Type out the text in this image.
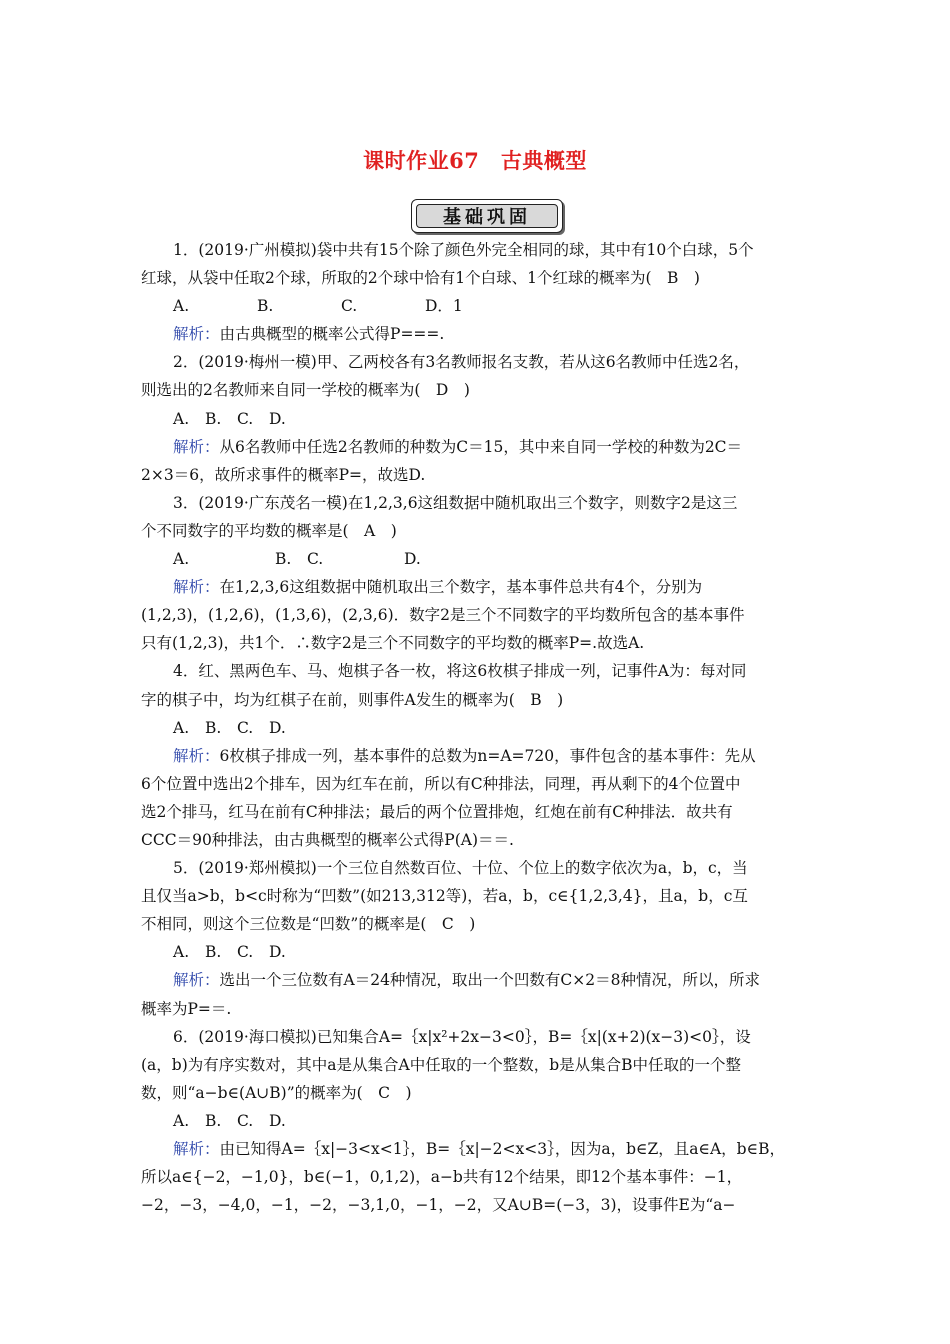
课时作业67　古典概型
基础巩固
1．(2019·广州模拟)袋中共有15个除了颜色外完全相同的球，其中有10个白球，5个
红球，从袋中任取2个球，所取的2个球中恰有1个白球、1个红球的概率为(　B　)
A.	B.	C.	D．1
解析：由古典概型的概率公式得P===.
2．(2019·梅州一模)甲、乙两校各有3名教师报名支教，若从这6名教师中任选2名，
则选出的2名教师来自同一学校的概率为(　D　)
A.	B.	C.	D.
解析：从6名教师中任选2名教师的种数为C＝15，其中来自同一学校的种数为2C＝
2×3＝6，故所求事件的概率P=，故选D.
3．(2019·广东茂名一模)在1,2,3,6这组数据中随机取出三个数字，则数字2是这三
个不同数字的平均数的概率是(　A　)
A.	B.	C.	D.
解析：在1,2,3,6这组数据中随机取出三个数字，基本事件总共有4个，分别为
(1,2,3)，(1,2,6)，(1,3,6)，(2,3,6)．数字2是三个不同数字的平均数所包含的基本事件
只有(1,2,3)，共1个．∴数字2是三个不同数字的平均数的概率P=.故选A.
4．红、黑两色车、马、炮棋子各一枚，将这6枚棋子排成一列，记事件A为：每对同
字的棋子中，均为红棋子在前，则事件A发生的概率为(　B　)
A.	B.	C.	D.
解析：6枚棋子排成一列，基本事件的总数为n=A=720，事件包含的基本事件：先从
6个位置中选出2个排车，因为红车在前，所以有C种排法，同理，再从剩下的4个位置中
选2个排马，红马在前有C种排法；最后的两个位置排炮，红炮在前有C种排法．故共有
CCC＝90种排法，由古典概型的概率公式得P(A)＝＝.
5．(2019·郑州模拟)一个三位自然数百位、十位、个位上的数字依次为a，b，c，当
且仅当a>b，b<c时称为“凹数”(如213,312等)，若a，b，c∈{1,2,3,4}，且a，b，c互
不相同，则这个三位数是“凹数”的概率是(　C　)
A.	B.	C.	D.
解析：选出一个三位数有A＝24种情况，取出一个凹数有C×2＝8种情况，所以，所求
概率为P=＝.
6．(2019·海口模拟)已知集合A=｛x|x²+2x−3<0｝，B=｛x|(x+2)(x−3)<0｝，设
(a，b)为有序实数对，其中a是从集合A中任取的一个整数，b是从集合B中任取的一个整
数，则“a−b∈(A∪B)”的概率为(　C　)
A.	B.	C.	D.
解析：由已知得A=｛x|−3<x<1｝，B=｛x|−2<x<3｝，因为a，b∈Z，且a∈A，b∈B，
所以a∈{−2，−1,0}，b∈(−1，0,1,2)，a−b共有12个结果，即12个基本事件：−1，
−2，−3，−4,0，−1，−2，−3,1,0，−1，−2，又A∪B=(−3，3)，设事件E为“a−
